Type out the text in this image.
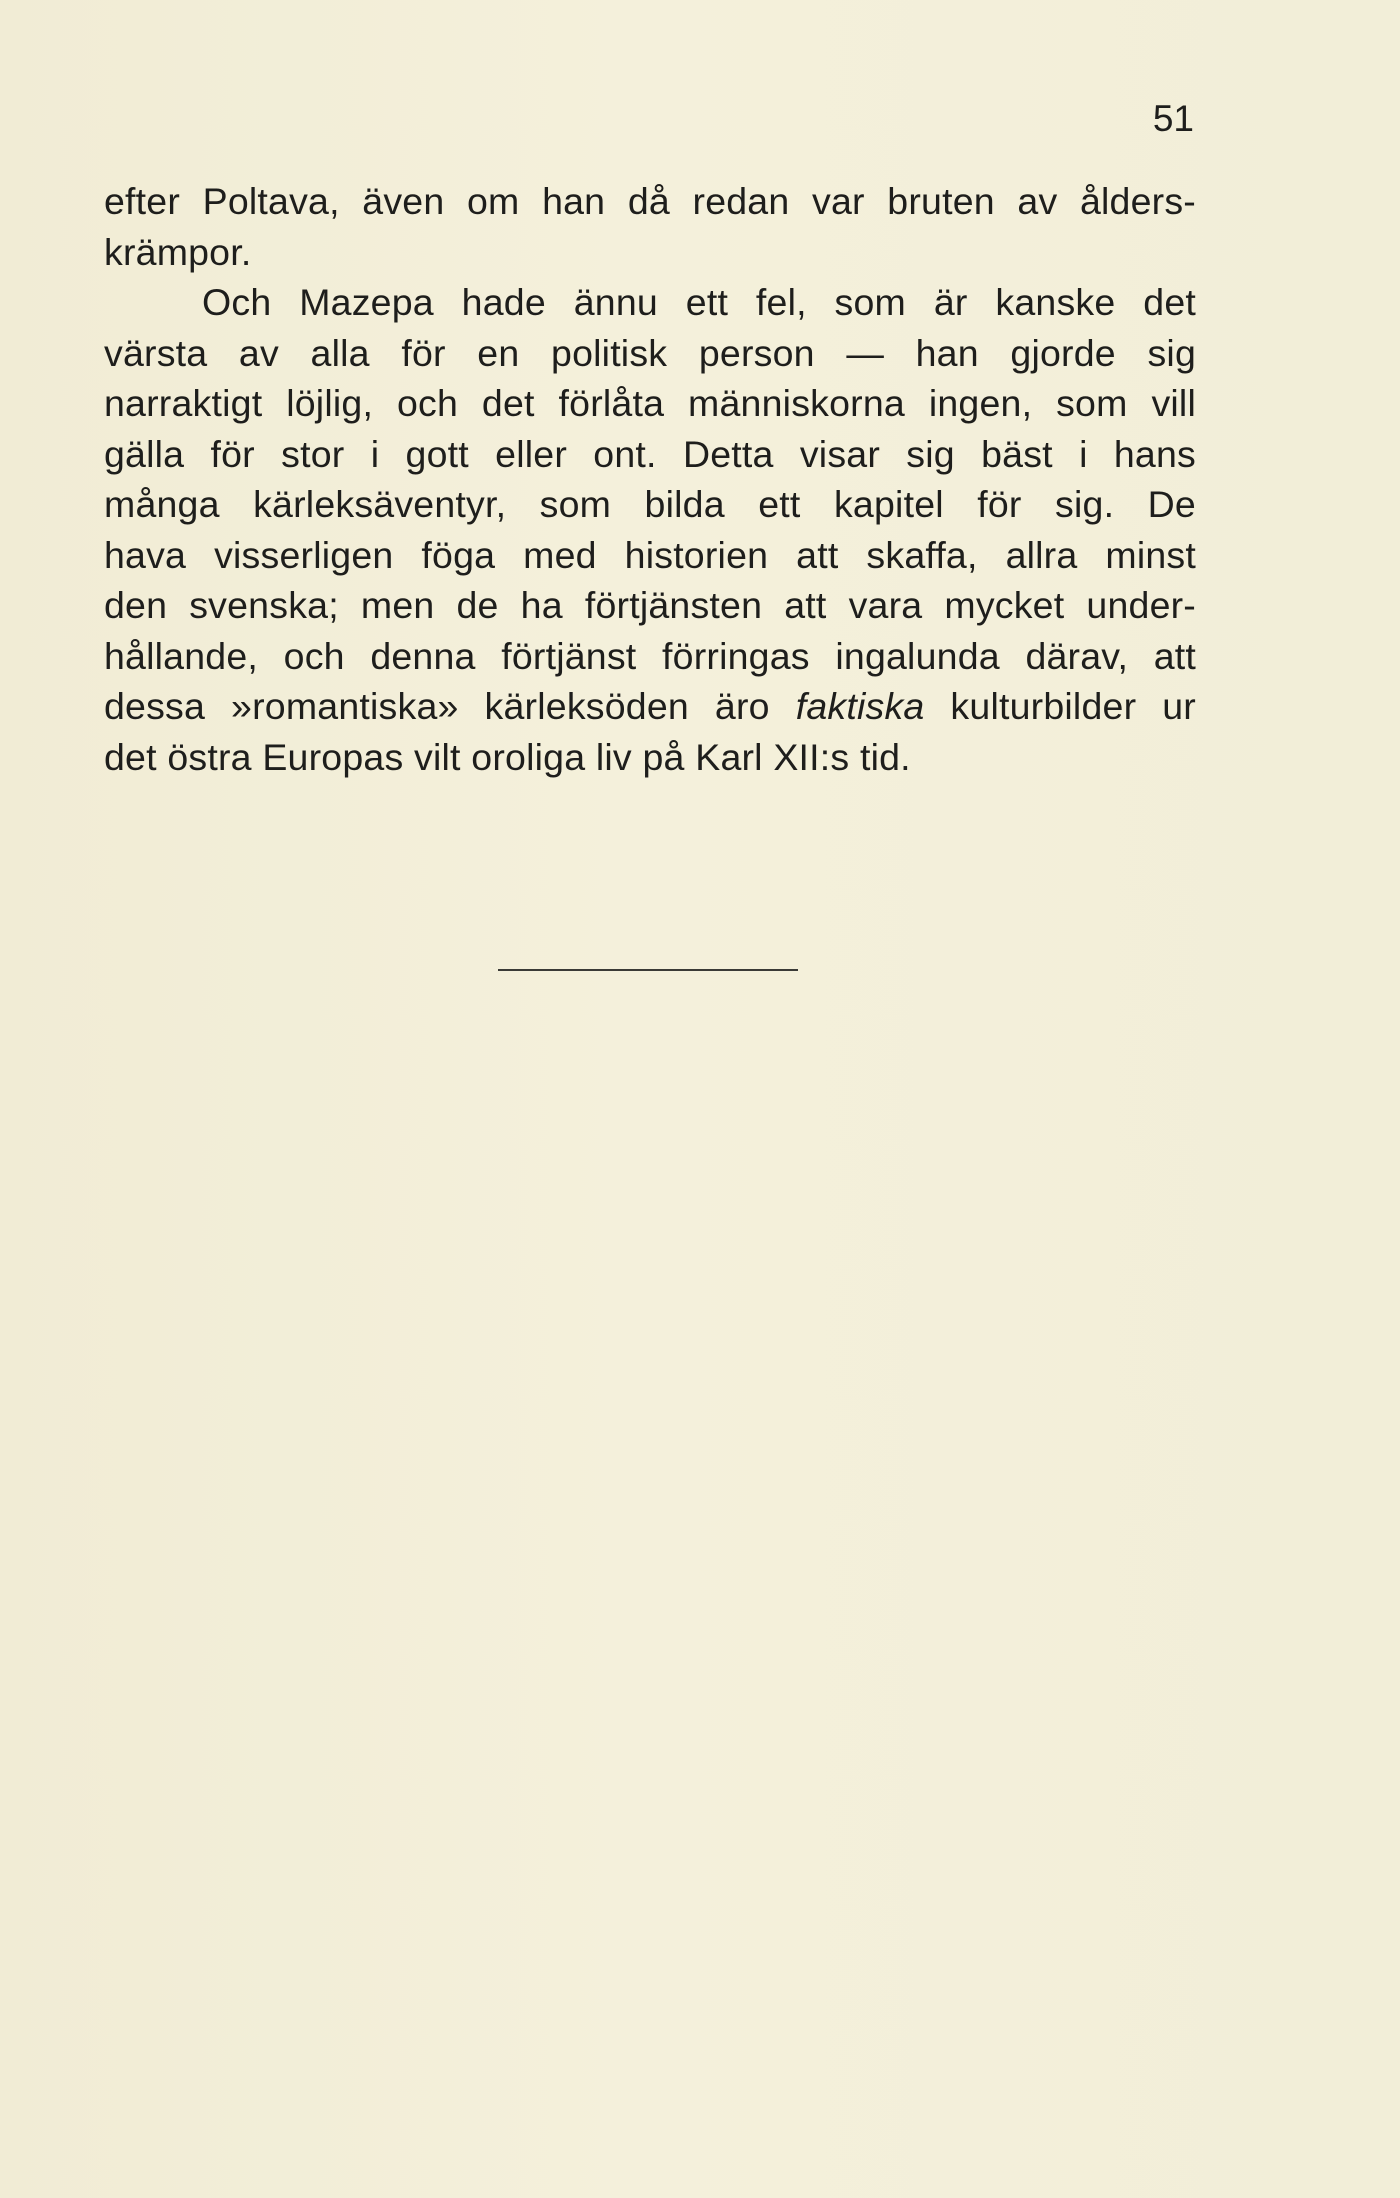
51

efter Poltava, även om han då redan var bruten av ålders-
krämpor.
Och Mazepa hade ännu ett fel, som är kanske det
värsta av alla för en politisk person — han gjorde sig
narraktigt löjlig, och det förlåta människorna ingen, som vill
gälla för stor i gott eller ont. Detta visar sig bäst i hans
många kärleksäventyr, som bilda ett kapitel för sig. De
hava visserligen föga med historien att skaffa, allra minst
den svenska; men de ha förtjänsten att vara mycket under-
hållande, och denna förtjänst förringas ingalunda därav, att
dessa »romantiska» kärleksöden äro faktiska kulturbilder ur
det östra Europas vilt oroliga liv på Karl XII:s tid.
